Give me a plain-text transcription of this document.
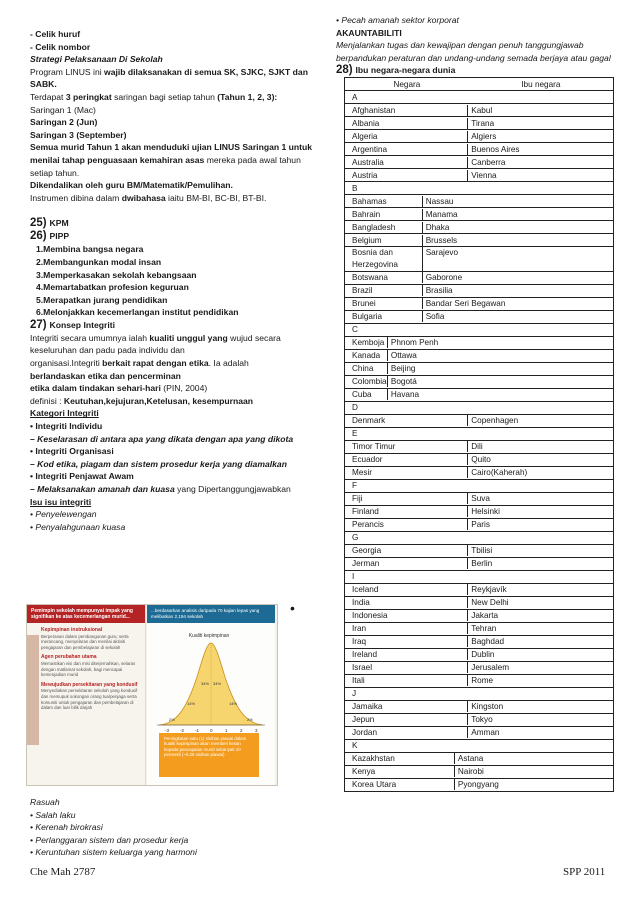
- Celik huruf
- Celik nombor
Strategi Pelaksanaan Di Sekolah
Program LINUS ini wajib dilaksanakan di semua SK, SJKC, SJKT dan SABK.
Terdapat 3 peringkat saringan bagi setiap tahun (Tahun 1, 2, 3):
Saringan 1 (Mac)
Saringan 2 (Jun)
Saringan 3 (September)
Semua murid Tahun 1 akan menduduki ujian LINUS Saringan 1 untuk menilai tahap penguasaan kemahiran asas mereka pada awal tahun setiap tahun.
Dikendalikan oleh guru BM/Matematik/Pemulihan.
Instrumen dibina dalam dwibahasa iaitu BM-BI, BC-BI, BT-BI.
25) KPM
26) PIPP
1.Membina bangsa negara
2.Membangunkan modal insan
3.Memperkasakan sekolah kebangsaan
4.Memartabatkan profesion keguruan
5.Merapatkan jurang pendidikan
6.Melonjakkan kecemerlangan institut pendidikan
27) Konsep Integriti
Integriti secara umumnya ialah kualiti unggul yang wujud secara keseluruhan dan padu pada individu dan
organisasi.Integriti berkait rapat dengan etika. Ia adalah
berlandaskan etika dan pencerminan
etika dalam tindakan sehari-hari (PIN, 2004)
definisi : Keutuhan,kejujuran,Ketelusan, kesempurnaan
Kategori Integriti
• Integriti Individu
– Keselarasan di antara apa yang dikata dengan apa yang dikota
• Integriti Organisasi
– Kod etika, piagam dan sistem prosedur kerja yang diamalkan
• Integriti Penjawat Awam
– Melaksanakan amanah dan kuasa yang Dipertanggungjawabkan
Isu isu integriti
• Penyelewengan
• Penyalahgunaan kuasa
•
Pemimpin sekolah mempunyai impak yang signifikan ke atas kecemerlangan murid...
Kepimpinan instruksional
Berperanan dalam pembangunan guru; serta merancang, menyelaras dan menilai aktiviti pengajaran dan pembelajaran di sekolah
Agen perubahan utama
Memastikan visi dan misi diterjemahkan, selaras dengan matlamat sekolah, bagi mencapai kemenjadian murid
Mewujudkan persekitaran yang kondusif
Menyediakan persekitaran sekolah yang kondusif dan memupuk sokongan orang tua/penjaga serta komuniti untuk pengajaran dan pembelajaran di dalam dan luar bilik darjah
...berdasarkan analisis daripada 70 kajian lepas yang melibatkan 2,194 sekolah
Kualiti kepimpinan
2%
14%
34% 34%
14%
2%
-3 -2 -1 0	1	2	3
Peningkatan satu (1) sisihan piawai dalam kualiti kepimpinan akan memberi kesan kepada pencapaian murid sebanyak 10 persentil (~0.25 sisihan piawai)
Rasuah
• Salah laku
• Kerenah birokrasi
• Perlanggaran sistem dan prosedur kerja
• Keruntuhan sistem keluarga yang harmoni
• Pecah amanah sektor korporat
AKAUNTABILITI
Menjalankan tugas dan kewajipan dengan penuh tanggungjawab
berpandukan peraturan dan undang-undang semada berjaya atau gagal
28) Ibu negara-negara dunia
Negara	Ibu negara
A

Afghanistan	Kabul

Albania	Tirana

Algeria	Algiers

Argentina	Buenos Aires

Australia	Canberra

Austria	Vienna

B

Bahamas	Nassau

Bahrain	Manama

Bangladesh	Dhaka

Belgium	Brussels

Bosnia dan
Herzegovina
Sarajevo

Botswana	Gaborone

Brazil	Brasilia

Brunei	Bandar Seri Begawan

Bulgaria	Sofia

C

Kemboja Phnom Penh

Kanada	Ottawa

China	Beijing

Colombia Bogotá

Cuba	Havana

D

Denmark	Copenhagen

E

Timor Timur	Dili

Ecuador	Quito

Mesir	Cairo(Kaherah)

F

Fiji	Suva

Finland	Helsinki

Perancis	Paris

G

Georgia	Tbilisi

Jerman	Berlin

I

Iceland	Reykjavík

India	New Delhi

Indonesia	Jakarta

Iran	Tehran

Iraq	Baghdad

Ireland	Dublin

Israel	Jerusalem

Itali	Rome

J

Jamaika	Kingston

Jepun	Tokyo

Jordan	Amman

K

Kazakhstan	Astana

Kenya	Nairobi

Korea Utara	Pyongyang
Che Mah 2787	SPP 2011
